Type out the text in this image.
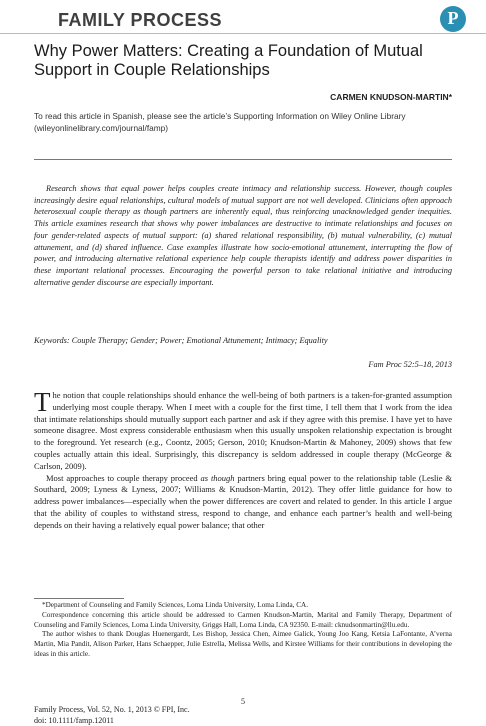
FAMILY PROCESS	P
Why Power Matters: Creating a Foundation of Mutual Support in Couple Relationships
CARMEN KNUDSON-MARTIN*
To read this article in Spanish, please see the article’s Supporting Information on Wiley Online Library (wileyonlinelibrary.com/journal/famp)

Research shows that equal power helps couples create intimacy and relationship success. However, though couples increasingly desire equal relationships, cultural models of mutual support are not well developed. Clinicians often approach heterosexual couple therapy as though partners are inherently equal, thus reinforcing unacknowledged gender inequities. This article examines research that shows why power imbalances are destructive to intimate relationships and focuses on four gender-related aspects of mutual support: (a) shared relational responsibility, (b) mutual vulnerability, (c) mutual attunement, and (d) shared influence. Case examples illustrate how socio-emotional attunement, interrupting the flow of power, and introducing alternative relational experience help couple therapists identify and address power disparities in these important relational processes. Encouraging the powerful person to take relational initiative and introducing alternative gender discourse are especially important.

Keywords: Couple Therapy; Gender; Power; Emotional Attunement; Intimacy; Equality
Fam Proc 52:5–18, 2013

The notion that couple relationships should enhance the well-being of both partners is a taken-for-granted assumption underlying most couple therapy. When I meet with a couple for the first time, I tell them that I work from the idea that intimate relationships should mutually support each partner and ask if they agree with this premise. I have yet to have someone disagree. Most express considerable enthusiasm when this usually unspoken relationship expectation is brought to the foreground. Yet research (e.g., Coontz, 2005; Gerson, 2010; Knudson-Martin & Mahoney, 2009) shows that few couples actually attain this ideal. Surprisingly, this discrepancy is seldom addressed in couple therapy (McGeorge & Carlson, 2009).

Most approaches to couple therapy proceed as though partners bring equal power to the relationship table (Leslie & Southard, 2009; Lyness & Lyness, 2007; Williams & Knudson-Martin, 2012). They offer little guidance for how to address power imbalances—especially when the power differences are covert and related to gender. In this article I argue that the ability of couples to withstand stress, respond to change, and enhance each partner’s health and well-being depends on their having a relatively equal power balance; that other

*Department of Counseling and Family Sciences, Loma Linda University, Loma Linda, CA.

Correspondence concerning this article should be addressed to Carmen Knudson-Martin, Marital and Family Therapy, Department of Counseling and Family Sciences, Loma Linda University, Griggs Hall, Loma Linda, CA 92350. E-mail: cknudsonmartin@llu.edu.

The author wishes to thank Douglas Huenergardt, Les Bishop, Jessica Chen, Aimee Galick, Young Joo Kang, Ketsia LaFontante, A’verna Martin, Mia Pandit, Alison Parker, Hans Schaepper, Julie Estrella, Melissa Wells, and Kirstee Williams for their contributions in developing the ideas in this article.

5
Family Process, Vol. 52, No. 1, 2013 © FPI, Inc.
doi: 10.1111/famp.12011
